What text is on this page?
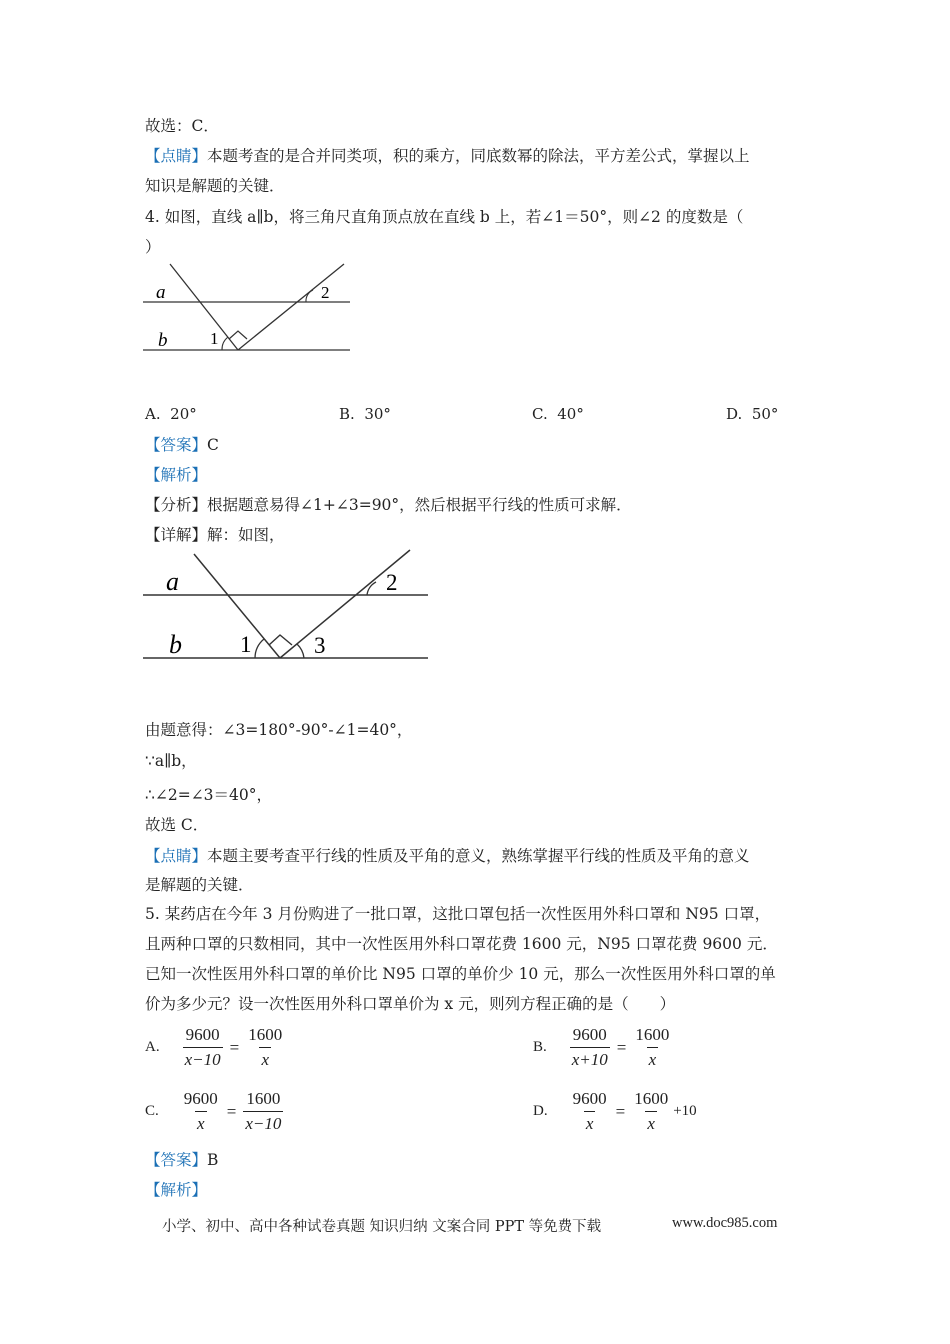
故选：C．
【点睛】本题考查的是合并同类项，积的乘方，同底数幂的除法，平方差公式，掌握以上
知识是解题的关键．
4. 如图，直线 a∥b，将三角尺直角顶点放在直线 b 上，若∠1＝50°，则∠2 的度数是（
）
a
b	1
2
A. 20°	B. 30°	C. 40°	D. 50°
【答案】C
【解析】
【分析】根据题意易得∠1+∠3=90°，然后根据平行线的性质可求解．
【详解】解：如图，
a
b	1	3
2
由题意得：∠3=180°-90°-∠1=40°，
∵a∥b，
∴∠2=∠3＝40°，
故选 C．
【点睛】本题主要考查平行线的性质及平角的意义，熟练掌握平行线的性质及平角的意义
是解题的关键．
5. 某药店在今年 3 月份购进了一批口罩，这批口罩包括一次性医用外科口罩和 N95 口罩，
且两种口罩的只数相同，其中一次性医用外科口罩花费 1600 元，N95 口罩花费 9600 元．
已知一次性医用外科口罩的单价比 N95 口罩的单价少 10 元，那么一次性医用外科口罩的单
价为多少元？设一次性医用外科口罩单价为 x 元，则列方程正确的是（　　）
A. $\frac{9600}{x-10} = \frac{1600}{x}$	B. $\frac{9600}{x+10} = \frac{1600}{x}$
C. $\frac{9600}{x} = \frac{1600}{x-10}$	D. $\frac{9600}{x} = \frac{1600}{x} +10$
【答案】B
【解析】
小学、初中、高中各种试卷真题 知识归纳 文案合同 PPT 等免费下载	www.doc985.com
